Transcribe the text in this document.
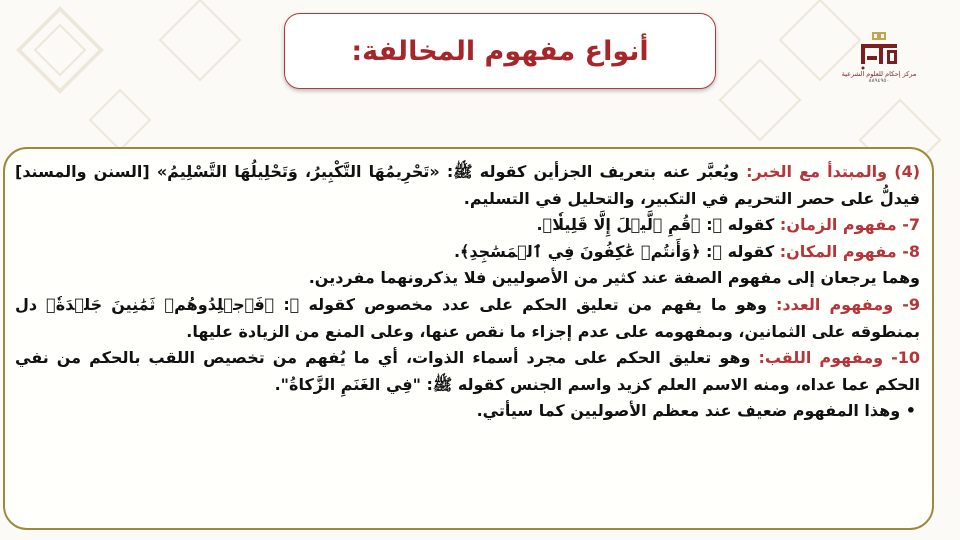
أنواع مفهوم المخالفة:
مركز إحكام للعلوم الشرعية
٨٨٩٤٩٥٠

(4) والمبتدأ مع الخبر: ويُعبَّر عنه بتعريف الجزأين كقوله ﷺ: «تَحْرِيمُهَا التَّكْبِيرُ، وَتَحْلِيلُهَا التَّسْلِيمُ» [السنن والمسند] فيدلُّ على حصر التحريم في التكبير، والتحليل في التسليم.

7- مفهوم الزمان: كقوله ﷻ: ﴿قُمِ ٱلَّيۡلَ إِلَّا قَلِيلٗا﴾.

8- مفهوم المكان: كقوله ﷻ: ﴿وَأَنتُمۡ عَٰكِفُونَ فِي ٱلۡمَسَٰجِدِ﴾.

وهما يرجعان إلى مفهوم الصفة عند كثير من الأصوليين فلا يذكرونهما مفردين.

9- ومفهوم العدد: وهو ما يفهم من تعليق الحكم على عدد مخصوص كقوله ﷻ: ﴿فَٱجۡلِدُوهُمۡ ثَمَٰنِينَ جَلۡدَةٗ﴾ دل بمنطوقه على الثمانين، وبمفهومه على عدم إجزاء ما نقص عنها، وعلى المنع من الزيادة عليها.

10- ومفهوم اللقب: وهو تعليق الحكم على مجرد أسماء الذوات، أي ما يُفهم من تخصيص اللقب بالحكم من نفي الحكم عما عداه، ومنه الاسم العلم كزيد واسم الجنس كقوله ﷺ: "فِي الغَنَمِ الزَّكاةُ".

• وهذا المفهوم ضعيف عند معظم الأصوليين كما سيأتي.
